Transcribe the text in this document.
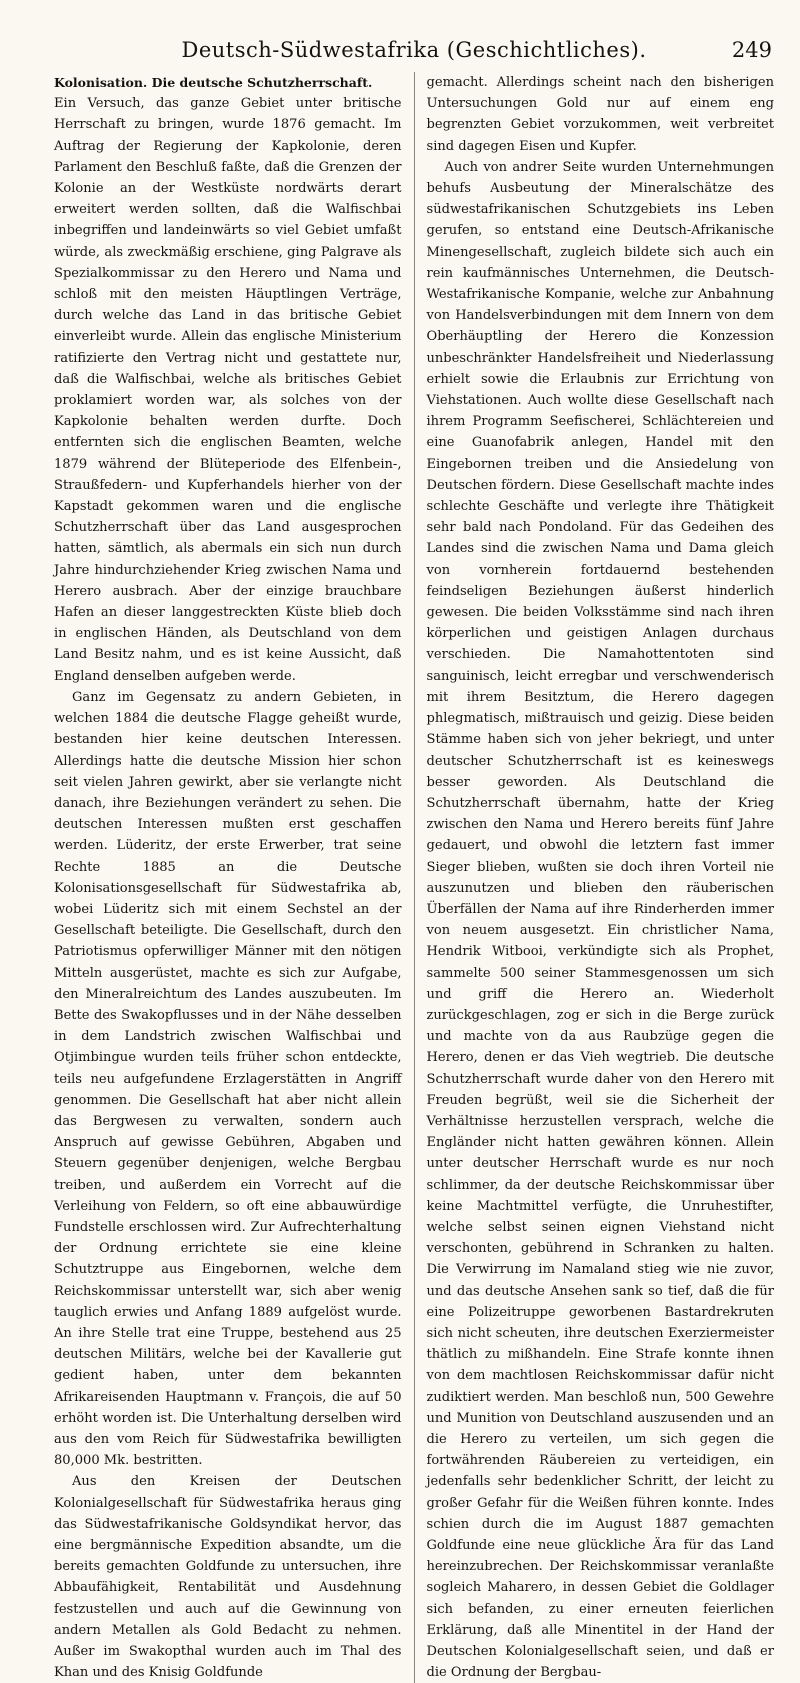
Deutsch-Südwestafrika (Geschichtliches).	249
Kolonisation. Die deutsche Schutzherrschaft.

Ein Versuch, das ganze Gebiet unter britische Herrschaft zu bringen, wurde 1876 gemacht. Im Auftrag der Regierung der Kapkolonie, deren Parlament den Beschluß faßte, daß die Grenzen der Kolonie an der Westküste nordwärts derart erweitert werden sollten, daß die Walfischbai inbegriffen und landeinwärts so viel Gebiet umfaßt würde, als zweckmäßig erschiene, ging Palgrave als Spezialkommissar zu den Herero und Nama und schloß mit den meisten Häuptlingen Verträge, durch welche das Land in das britische Gebiet einverleibt wurde. Allein das englische Ministerium ratifizierte den Vertrag nicht und gestattete nur, daß die Walfischbai, welche als britisches Gebiet proklamiert worden war, als solches von der Kapkolonie behalten werden durfte. Doch entfernten sich die englischen Beamten, welche 1879 während der Blüteperiode des Elfenbein-, Straußfedern- und Kupferhandels hierher von der Kapstadt gekommen waren und die englische Schutzherrschaft über das Land ausgesprochen hatten, sämtlich, als abermals ein sich nun durch Jahre hindurchziehender Krieg zwischen Nama und Herero ausbrach. Aber der einzige brauchbare Hafen an dieser langgestreckten Küste blieb doch in englischen Händen, als Deutschland von dem Land Besitz nahm, und es ist keine Aussicht, daß England denselben aufgeben werde.

Ganz im Gegensatz zu andern Gebieten, in welchen 1884 die deutsche Flagge geheißt wurde, bestanden hier keine deutschen Interessen. Allerdings hatte die deutsche Mission hier schon seit vielen Jahren gewirkt, aber sie verlangte nicht danach, ihre Beziehungen verändert zu sehen. Die deutschen Interessen mußten erst geschaffen werden. Lüderitz, der erste Erwerber, trat seine Rechte 1885 an die Deutsche Kolonisationsgesellschaft für Südwestafrika ab, wobei Lüderitz sich mit einem Sechstel an der Gesellschaft beteiligte. Die Gesellschaft, durch den Patriotismus opferwilliger Männer mit den nötigen Mitteln ausgerüstet, machte es sich zur Aufgabe, den Mineralreichtum des Landes auszubeuten. Im Bette des Swakopflusses und in der Nähe desselben in dem Landstrich zwischen Walfischbai und Otjimbingue wurden teils früher schon entdeckte, teils neu aufgefundene Erzlagerstätten in Angriff genommen. Die Gesellschaft hat aber nicht allein das Bergwesen zu verwalten, sondern auch Anspruch auf gewisse Gebühren, Abgaben und Steuern gegenüber denjenigen, welche Bergbau treiben, und außerdem ein Vorrecht auf die Verleihung von Feldern, so oft eine abbauwürdige Fundstelle erschlossen wird. Zur Aufrechterhaltung der Ordnung errichtete sie eine kleine Schutztruppe aus Eingebornen, welche dem Reichskommissar unterstellt war, sich aber wenig tauglich erwies und Anfang 1889 aufgelöst wurde. An ihre Stelle trat eine Truppe, bestehend aus 25 deutschen Militärs, welche bei der Kavallerie gut gedient haben, unter dem bekannten Afrikareisenden Hauptmann v. François, die auf 50 erhöht worden ist. Die Unterhaltung derselben wird aus den vom Reich für Südwestafrika bewilligten 80,000 Mk. bestritten.

Aus den Kreisen der Deutschen Kolonialgesellschaft für Südwestafrika heraus ging das Südwestafrikanische Goldsyndikat hervor, das eine bergmännische Expedition absandte, um die bereits gemachten Goldfunde zu untersuchen, ihre Abbaufähigkeit, Rentabilität und Ausdehnung festzustellen und auch auf die Gewinnung von andern Metallen als Gold Bedacht zu nehmen. Außer im Swakopthal wurden auch im Thal des Khan und des Knisig Goldfunde

gemacht. Allerdings scheint nach den bisherigen Untersuchungen Gold nur auf einem eng begrenzten Gebiet vorzukommen, weit verbreitet sind dagegen Eisen und Kupfer.

Auch von andrer Seite wurden Unternehmungen behufs Ausbeutung der Mineralschätze des südwestafrikanischen Schutzgebiets ins Leben gerufen, so entstand eine Deutsch-Afrikanische Minengesellschaft, zugleich bildete sich auch ein rein kaufmännisches Unternehmen, die Deutsch-Westafrikanische Kompanie, welche zur Anbahnung von Handelsverbindungen mit dem Innern von dem Oberhäuptling der Herero die Konzession unbeschränkter Handelsfreiheit und Niederlassung erhielt sowie die Erlaubnis zur Errichtung von Viehstationen. Auch wollte diese Gesellschaft nach ihrem Programm Seefischerei, Schlächtereien und eine Guanofabrik anlegen, Handel mit den Eingebornen treiben und die Ansiedelung von Deutschen fördern. Diese Gesellschaft machte indes schlechte Geschäfte und verlegte ihre Thätigkeit sehr bald nach Pondoland. Für das Gedeihen des Landes sind die zwischen Nama und Dama gleich von vornherein fortdauernd bestehenden feindseligen Beziehungen äußerst hinderlich gewesen. Die beiden Volksstämme sind nach ihren körperlichen und geistigen Anlagen durchaus verschieden. Die Namahottentoten sind sanguinisch, leicht erregbar und verschwenderisch mit ihrem Besitztum, die Herero dagegen phlegmatisch, mißtrauisch und geizig. Diese beiden Stämme haben sich von jeher bekriegt, und unter deutscher Schutzherrschaft ist es keineswegs besser geworden. Als Deutschland die Schutzherrschaft übernahm, hatte der Krieg zwischen den Nama und Herero bereits fünf Jahre gedauert, und obwohl die letztern fast immer Sieger blieben, wußten sie doch ihren Vorteil nie auszunutzen und blieben den räuberischen Überfällen der Nama auf ihre Rinderherden immer von neuem ausgesetzt. Ein christlicher Nama, Hendrik Witbooi, verkündigte sich als Prophet, sammelte 500 seiner Stammesgenossen um sich und griff die Herero an. Wiederholt zurückgeschlagen, zog er sich in die Berge zurück und machte von da aus Raubzüge gegen die Herero, denen er das Vieh wegtrieb. Die deutsche Schutzherrschaft wurde daher von den Herero mit Freuden begrüßt, weil sie die Sicherheit der Verhältnisse herzustellen versprach, welche die Engländer nicht hatten gewähren können. Allein unter deutscher Herrschaft wurde es nur noch schlimmer, da der deutsche Reichskommissar über keine Machtmittel verfügte, die Unruhestifter, welche selbst seinen eignen Viehstand nicht verschonten, gebührend in Schranken zu halten. Die Verwirrung im Namaland stieg wie nie zuvor, und das deutsche Ansehen sank so tief, daß die für eine Polizeitruppe geworbenen Bastardrekruten sich nicht scheuten, ihre deutschen Exerziermeister thätlich zu mißhandeln. Eine Strafe konnte ihnen von dem machtlosen Reichskommissar dafür nicht zudiktiert werden. Man beschloß nun, 500 Gewehre und Munition von Deutschland auszusenden und an die Herero zu verteilen, um sich gegen die fortwährenden Räubereien zu verteidigen, ein jedenfalls sehr bedenklicher Schritt, der leicht zu großer Gefahr für die Weißen führen konnte. Indes schien durch die im August 1887 gemachten Goldfunde eine neue glückliche Ära für das Land hereinzubrechen. Der Reichskommissar veranlaßte sogleich Maharero, in dessen Gebiet die Goldlager sich befanden, zu einer erneuten feierlichen Erklärung, daß alle Minentitel in der Hand der Deutschen Kolonialgesellschaft seien, und daß er die Ordnung der Bergbau-
